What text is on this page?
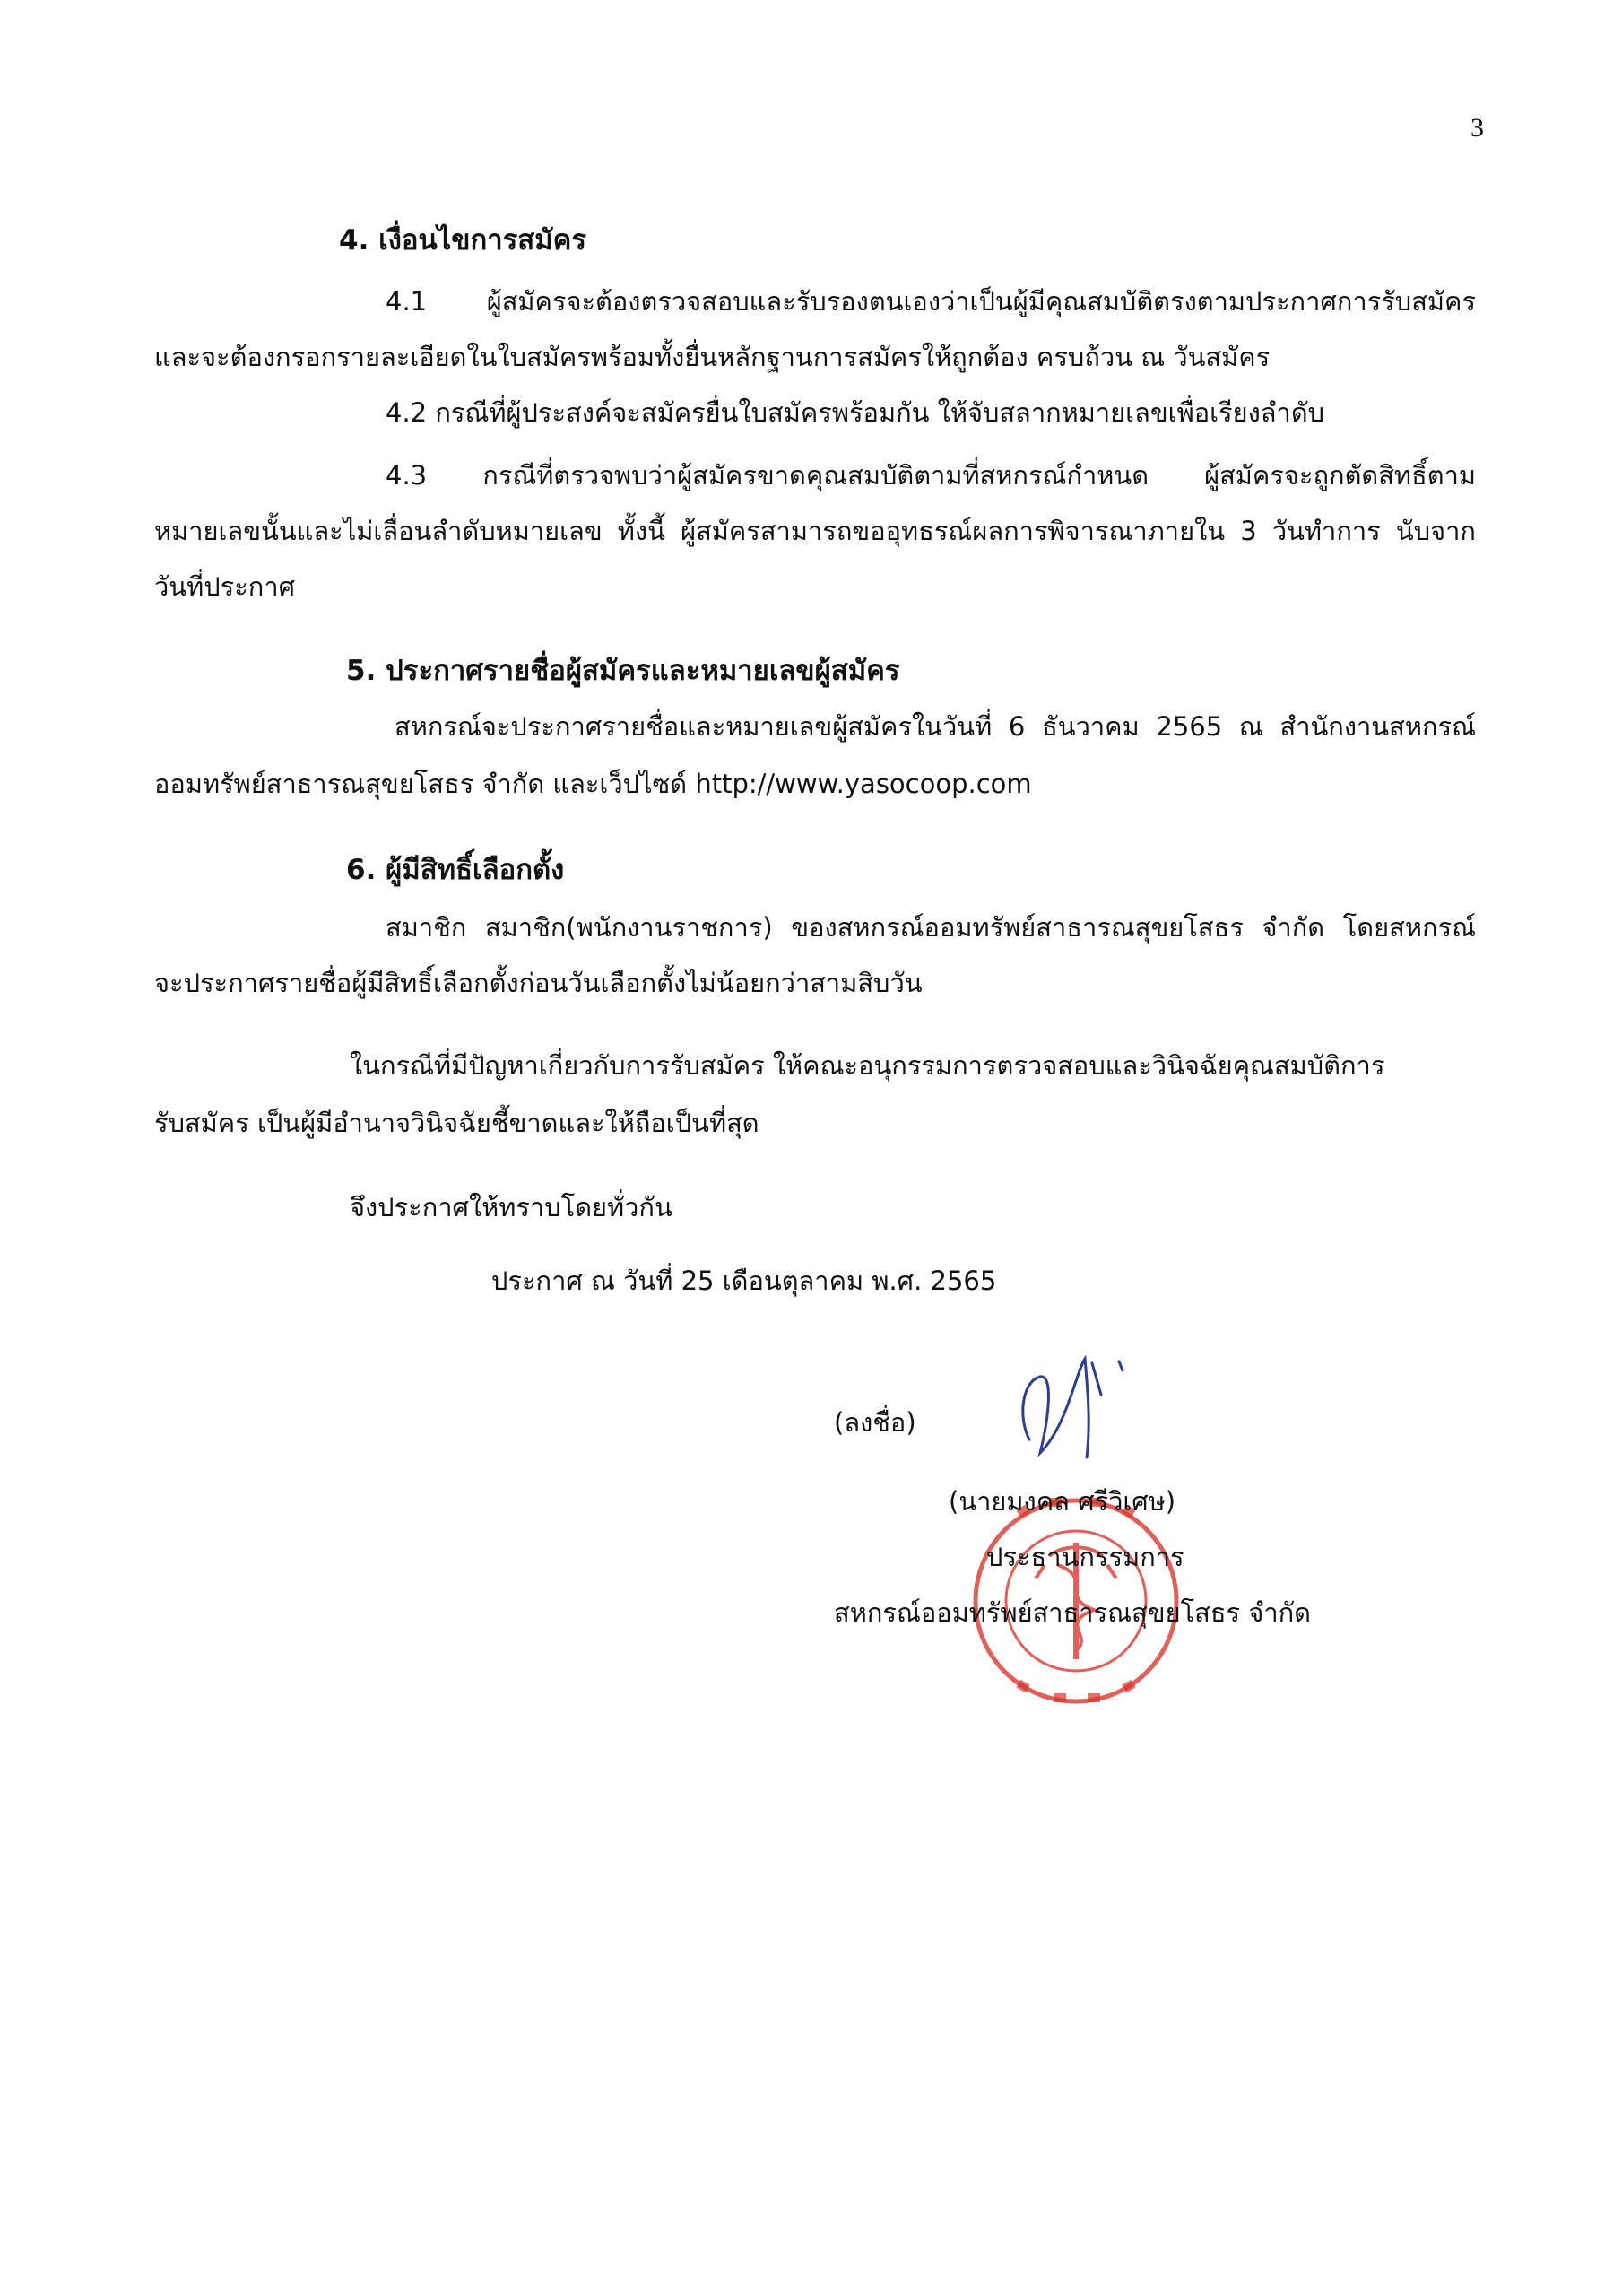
3
4. เงื่อนไขการสมัคร
4.1 ผู้สมัครจะต้องตรวจสอบและรับรองตนเองว่าเป็นผู้มีคุณสมบัติตรงตามประกาศการรับสมัคร
และจะต้องกรอกรายละเอียดในใบสมัครพร้อมทั้งยื่นหลักฐานการสมัครให้ถูกต้อง ครบถ้วน ณ วันสมัคร
4.2 กรณีที่ผู้ประสงค์จะสมัครยื่นใบสมัครพร้อมกัน ให้จับสลากหมายเลขเพื่อเรียงลำดับ
4.3 กรณีที่ตรวจพบว่าผู้สมัครขาดคุณสมบัติตามที่สหกรณ์กำหนด ผู้สมัครจะถูกตัดสิทธิ์ตาม
หมายเลขนั้นและไม่เลื่อนลำดับหมายเลข ทั้งนี้ ผู้สมัครสามารถขออุทธรณ์ผลการพิจารณาภายใน 3 วันทำการ นับจาก
วันที่ประกาศ
5. ประกาศรายชื่อผู้สมัครและหมายเลขผู้สมัคร
สหกรณ์จะประกาศรายชื่อและหมายเลขผู้สมัครในวันที่ 6 ธันวาคม 2565 ณ สำนักงานสหกรณ์
ออมทรัพย์สาธารณสุขยโสธร จำกัด และเว็ปไซด์ http://www.yasocoop.com
6. ผู้มีสิทธิ์เลือกตั้ง
สมาชิก สมาชิก(พนักงานราชการ) ของสหกรณ์ออมทรัพย์สาธารณสุขยโสธร จำกัด โดยสหกรณ์
จะประกาศรายชื่อผู้มีสิทธิ์เลือกตั้งก่อนวันเลือกตั้งไม่น้อยกว่าสามสิบวัน
ในกรณีที่มีปัญหาเกี่ยวกับการรับสมัคร ให้คณะอนุกรรมการตรวจสอบและวินิจฉัยคุณสมบัติการ
รับสมัคร เป็นผู้มีอำนาจวินิจฉัยชี้ขาดและให้ถือเป็นที่สุด
จึงประกาศให้ทราบโดยทั่วกัน
ประกาศ ณ วันที่ 25 เดือนตุลาคม พ.ศ. 2565
(ลงชื่อ)
(นายมงคล ศรีวิเศษ)
ประธานกรรมการ
สหกรณ์ออมทรัพย์สาธารณสุขยโสธร จำกัด
